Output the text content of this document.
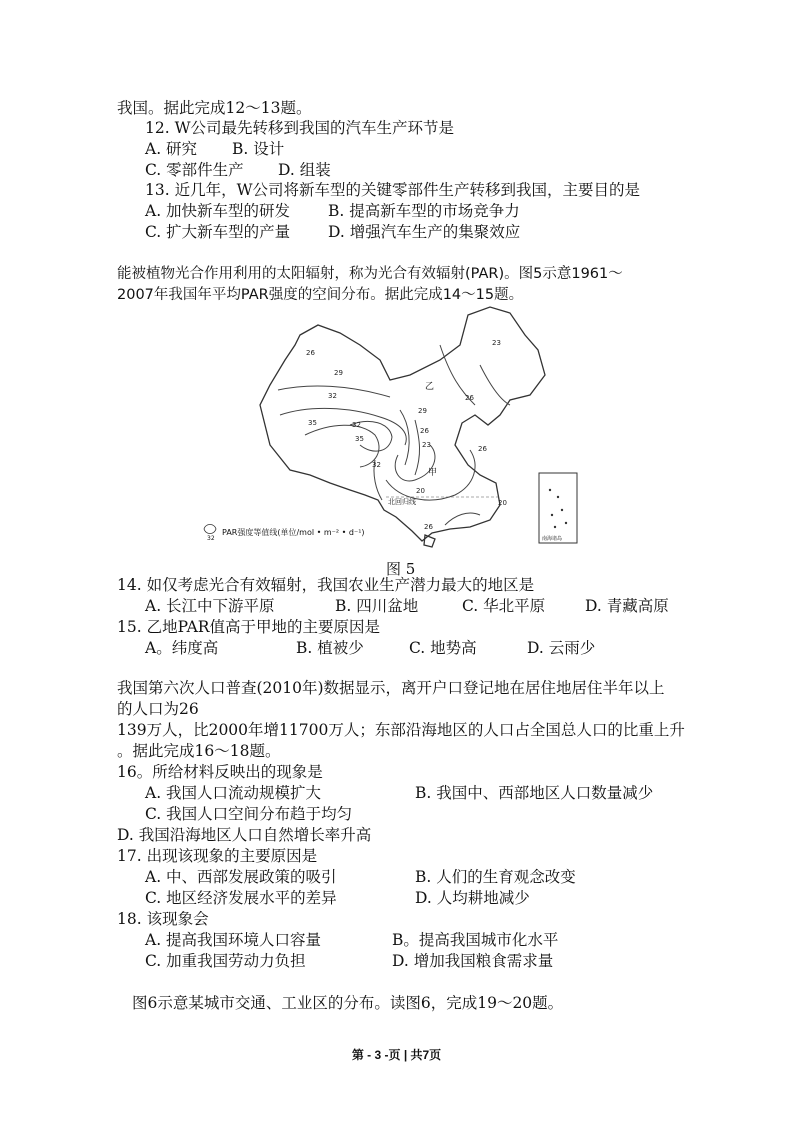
我国。据此完成12～13题。
12. W公司最先转移到我国的汽车生产环节是
A. 研究 B. 设计
C. 零部件生产 D. 组装
13. 近几年，W公司将新车型的关键零部件生产转移到我国，主要目的是
A. 加快新车型的研发 B. 提高新车型的市场竞争力
C. 扩大新车型的产量 D. 增强汽车生产的集聚效应
能被植物光合作用利用的太阳辐射，称为光合有效辐射(PAR)。图5示意1961～
2007年我国年平均PAR强度的空间分布。据此完成14～15题。
26
29
32
35	32
35
23
26
29
26
23
20
32
26
20
26
甲
乙
北回归线
南海诸岛
32
PAR强度等值线(单位/mol • m⁻² • d⁻¹)
图 5
14. 如仅考虑光合有效辐射，我国农业生产潜力最大的地区是
A. 长江中下游平原	B. 四川盆地	C. 华北平原	D. 青藏高原
15. 乙地PAR值高于甲地的主要原因是
A。纬度高	B. 植被少	C. 地势高	D. 云雨少
我国第六次人口普查(2010年)数据显示，离开户口登记地在居住地居住半年以上
的人口为26
139万人，比2000年增11700万人；东部沿海地区的人口占全国总人口的比重上升
。据此完成16～18题。
16。所给材料反映出的现象是
A. 我国人口流动规模扩大	B. 我国中、西部地区人口数量减少
C. 我国人口空间分布趋于均匀
D. 我国沿海地区人口自然增长率升高
17. 出现该现象的主要原因是
A. 中、西部发展政策的吸引	B. 人们的生育观念改变
C. 地区经济发展水平的差异	D. 人均耕地减少
18. 该现象会
A. 提高我国环境人口容量	B。提高我国城市化水平
C. 加重我国劳动力负担	D. 增加我国粮食需求量
图6示意某城市交通、工业区的分布。读图6，完成19～20题。
第 - 3 -页 | 共7页
